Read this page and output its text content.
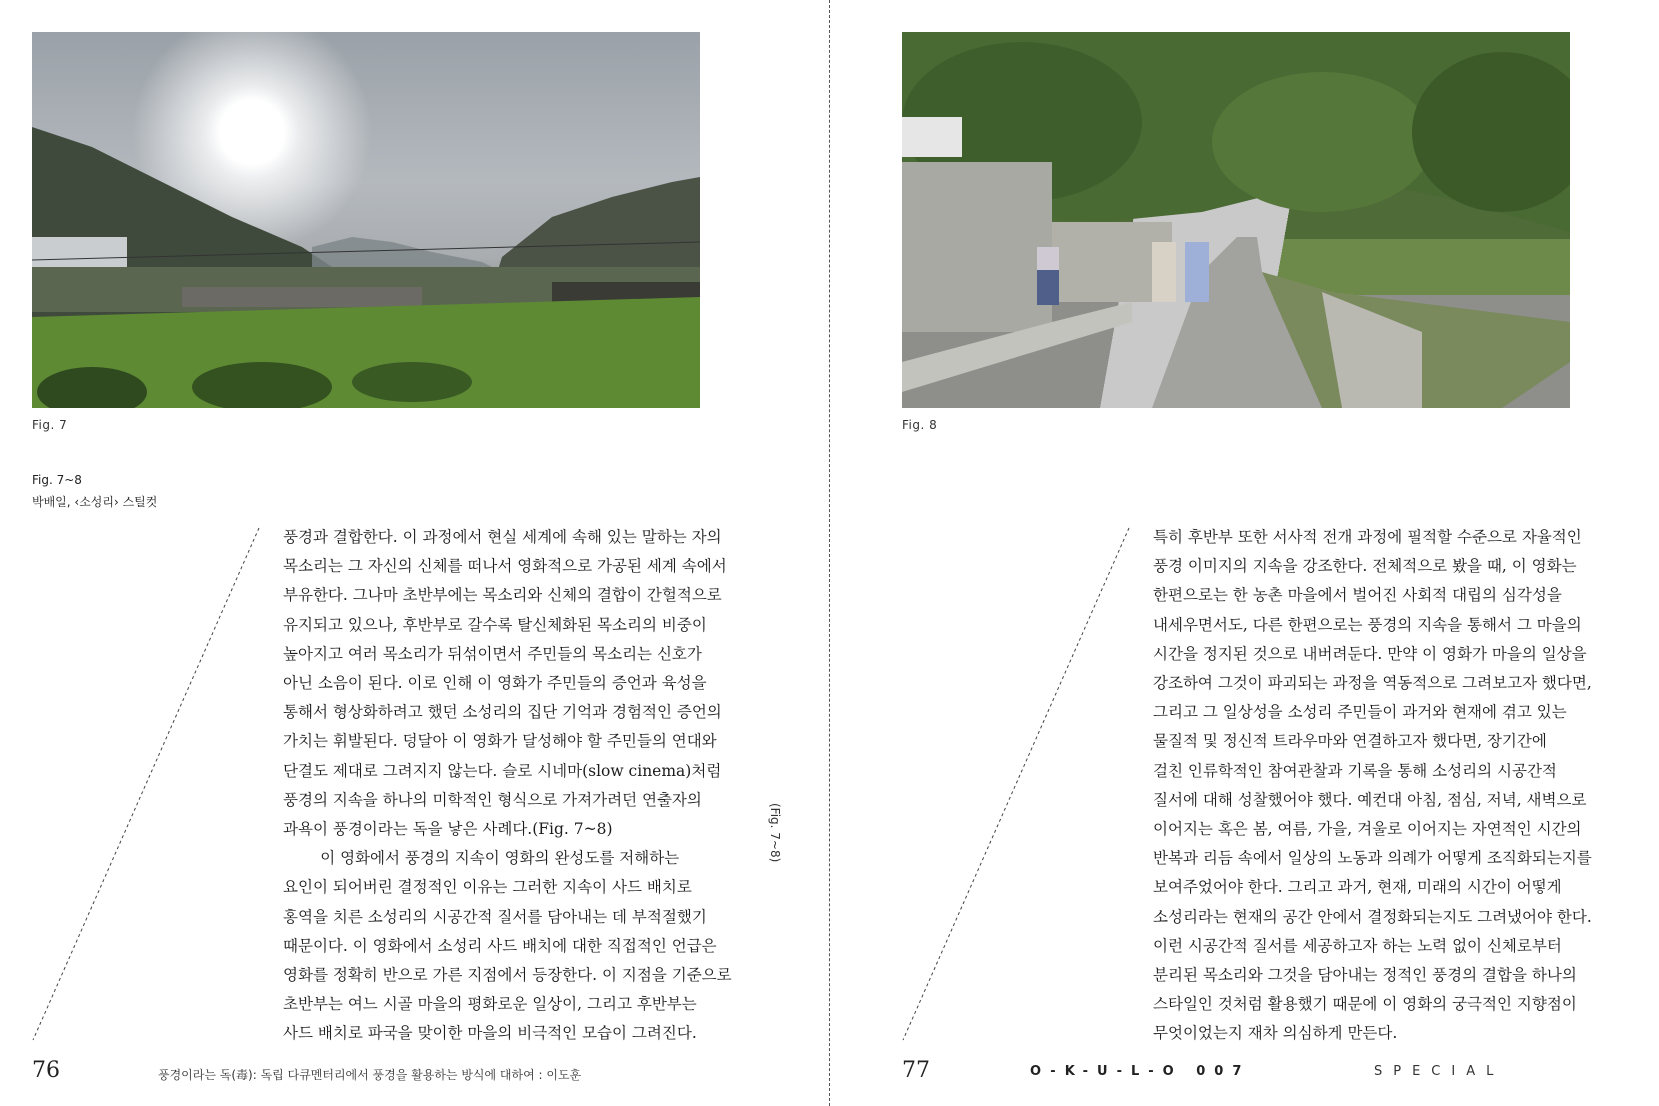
Fig. 7
Fig. 7~8
박배일, ‹소성리› 스틸컷

풍경과 결합한다. 이 과정에서 현실 세계에 속해 있는 말하는 자의

목소리는 그 자신의 신체를 떠나서 영화적으로 가공된 세계 속에서

부유한다. 그나마 초반부에는 목소리와 신체의 결합이 간헐적으로

유지되고 있으나, 후반부로 갈수록 탈신체화된 목소리의 비중이

높아지고 여러 목소리가 뒤섞이면서 주민들의 목소리는 신호가

아닌 소음이 된다. 이로 인해 이 영화가 주민들의 증언과 육성을

통해서 형상화하려고 했던 소성리의 집단 기억과 경험적인 증언의

가치는 휘발된다. 덩달아 이 영화가 달성해야 할 주민들의 연대와

단결도 제대로 그려지지 않는다. 슬로 시네마(slow cinema)처럼

풍경의 지속을 하나의 미학적인 형식으로 가져가려던 연출자의

과욕이 풍경이라는 독을 낳은 사례다.(Fig. 7~8)

이 영화에서 풍경의 지속이 영화의 완성도를 저해하는

요인이 되어버린 결정적인 이유는 그러한 지속이 사드 배치로

홍역을 치른 소성리의 시공간적 질서를 담아내는 데 부적절했기

때문이다. 이 영화에서 소성리 사드 배치에 대한 직접적인 언급은

영화를 정확히 반으로 가른 지점에서 등장한다. 이 지점을 기준으로

초반부는 여느 시골 마을의 평화로운 일상이, 그리고 후반부는

사드 배치로 파국을 맞이한 마을의 비극적인 모습이 그려진다.

(Fig. 7~8)
76	풍경이라는 독(毒): 독립 다큐멘터리에서 풍경을 활용하는 방식에 대하여 : 이도훈
Fig. 8

특히 후반부 또한 서사적 전개 과정에 필적할 수준으로 자율적인

풍경 이미지의 지속을 강조한다. 전체적으로 봤을 때, 이 영화는

한편으로는 한 농촌 마을에서 벌어진 사회적 대립의 심각성을

내세우면서도, 다른 한편으로는 풍경의 지속을 통해서 그 마을의

시간을 정지된 것으로 내버려둔다. 만약 이 영화가 마을의 일상을

강조하여 그것이 파괴되는 과정을 역동적으로 그려보고자 했다면,

그리고 그 일상성을 소성리 주민들이 과거와 현재에 겪고 있는

물질적 및 정신적 트라우마와 연결하고자 했다면, 장기간에

걸친 인류학적인 참여관찰과 기록을 통해 소성리의 시공간적

질서에 대해 성찰했어야 했다. 예컨대 아침, 점심, 저녁, 새벽으로

이어지는 혹은 봄, 여름, 가을, 겨울로 이어지는 자연적인 시간의

반복과 리듬 속에서 일상의 노동과 의례가 어떻게 조직화되는지를

보여주었어야 한다. 그리고 과거, 현재, 미래의 시간이 어떻게

소성리라는 현재의 공간 안에서 결정화되는지도 그려냈어야 한다.

이런 시공간적 질서를 세공하고자 하는 노력 없이 신체로부터

분리된 목소리와 그것을 담아내는 정적인 풍경의 결합을 하나의

스타일인 것처럼 활용했기 때문에 이 영화의 궁극적인 지향점이

무엇이었는지 재차 의심하게 만든다.

77	O-K-U-L-O 007	SPECIAL
